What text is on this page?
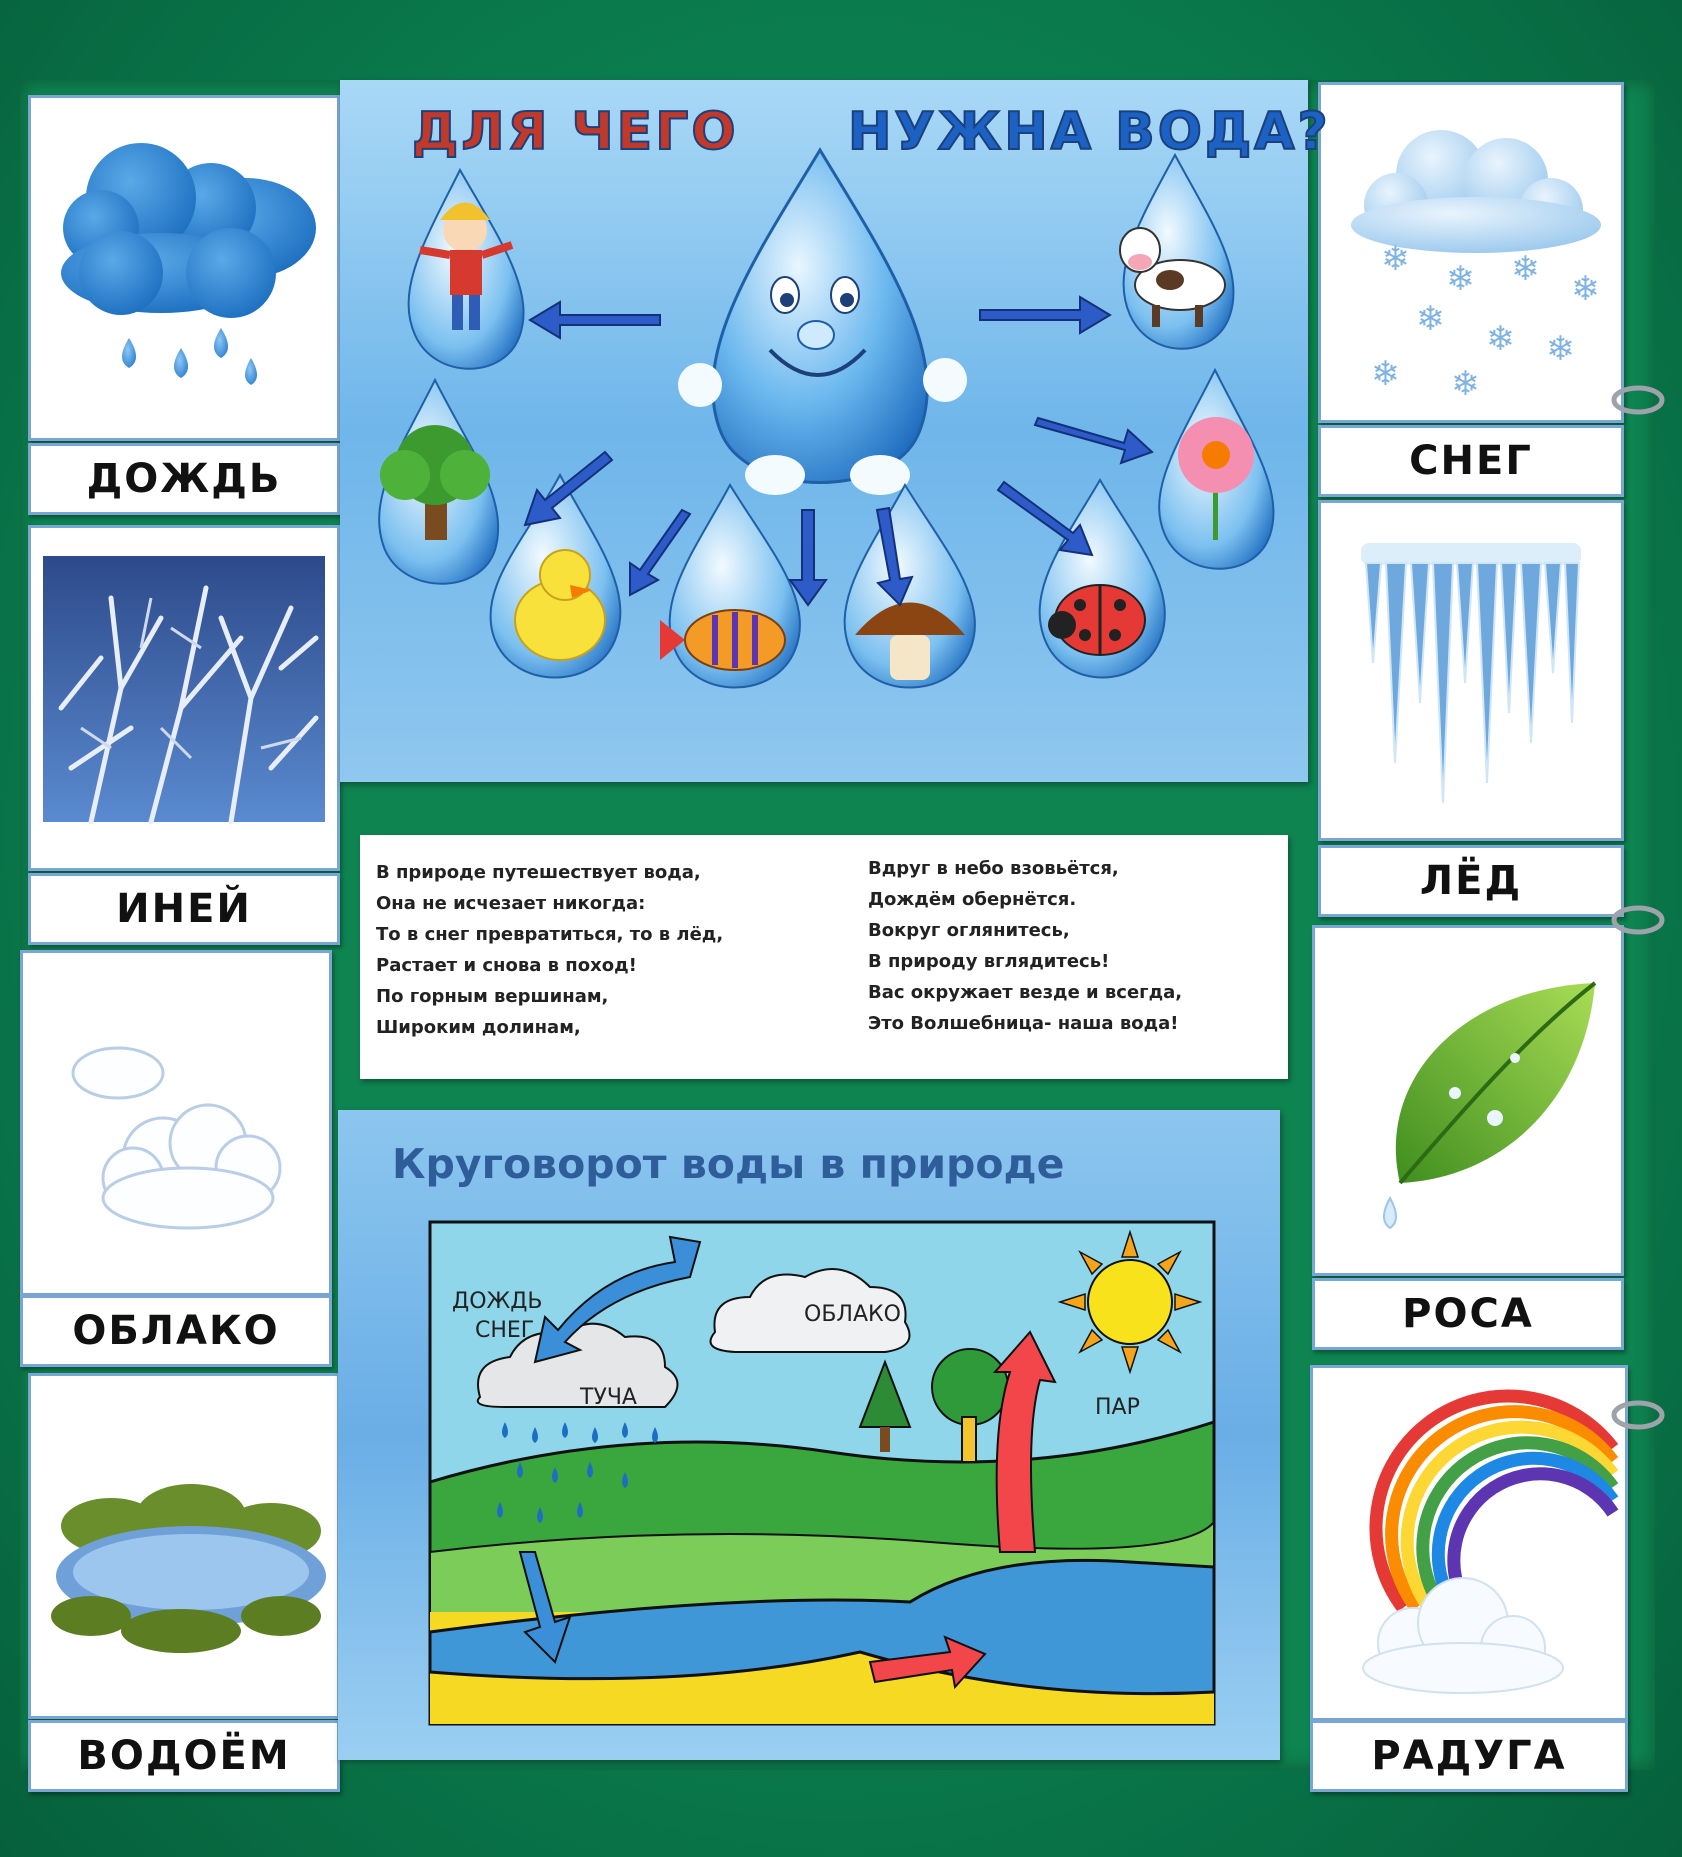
ДОЖДЬ
ИНЕЙ
ОБЛАКО
ВОДОЁМ
❄ ❄ ❄ ❄
❄ ❄ ❄
❄ ❄
СНЕГ
ЛЁД
РОСА
РАДУГА
ДЛЯ ЧЕГО НУЖНА ВОДА?
В природе путешествует вода,
Она не исчезает никогда:
То в снег превратиться, то в лёд,
Растает и снова в поход!
По горным вершинам,
Широким долинам,
Вдруг в небо взовьётся,
Дождём обернётся.
Вокруг оглянитесь,
В природу вглядитесь!
Вас окружает везде и всегда,
Это Волшебница- наша вода!
Круговорот воды в природе
ДОЖДЬ
СНЕГ
ОБЛАКО
ТУЧА	ПАР
